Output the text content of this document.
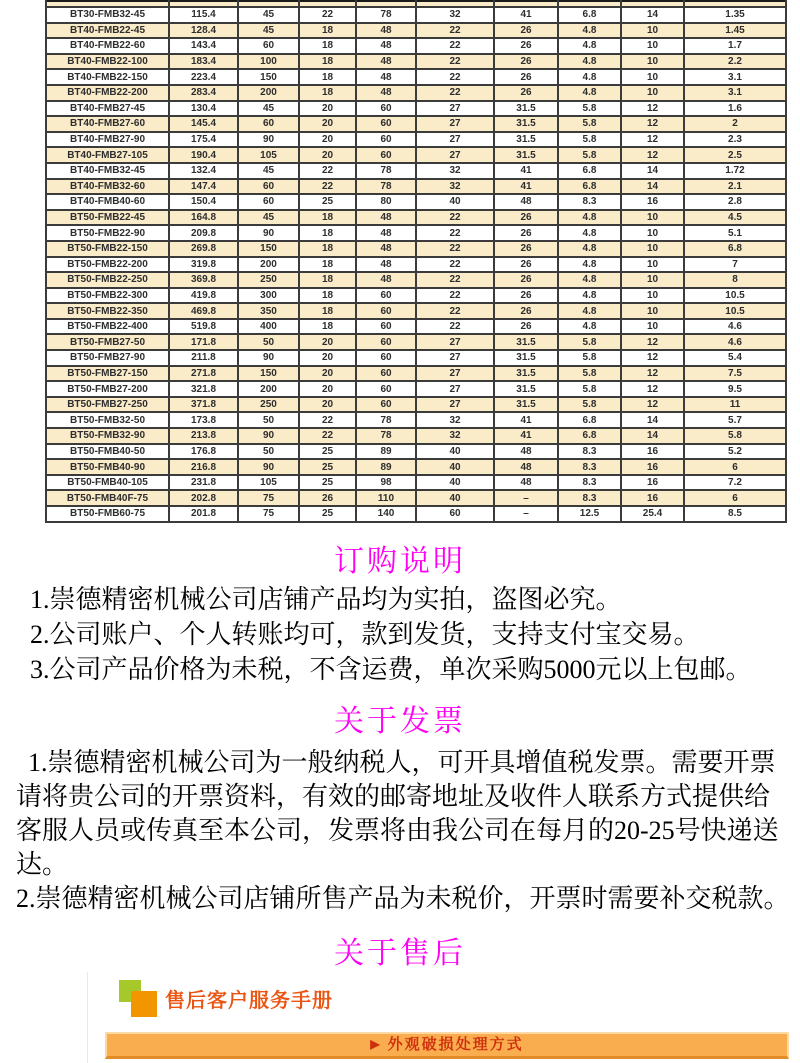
BT30-FMB32-45	115.4	45	22	78	32	41	6.8	14	1.35
BT40-FMB22-45	128.4	45	18	48	22	26	4.8	10	1.45
BT40-FMB22-60	143.4	60	18	48	22	26	4.8	10	1.7
BT40-FMB22-100	183.4	100	18	48	22	26	4.8	10	2.2
BT40-FMB22-150	223.4	150	18	48	22	26	4.8	10	3.1
BT40-FMB22-200	283.4	200	18	48	22	26	4.8	10	3.1
BT40-FMB27-45	130.4	45	20	60	27	31.5	5.8	12	1.6
BT40-FMB27-60	145.4	60	20	60	27	31.5	5.8	12	2
BT40-FMB27-90	175.4	90	20	60	27	31.5	5.8	12	2.3
BT40-FMB27-105	190.4	105	20	60	27	31.5	5.8	12	2.5
BT40-FMB32-45	132.4	45	22	78	32	41	6.8	14	1.72
BT40-FMB32-60	147.4	60	22	78	32	41	6.8	14	2.1
BT40-FMB40-60	150.4	60	25	80	40	48	8.3	16	2.8
BT50-FMB22-45	164.8	45	18	48	22	26	4.8	10	4.5
BT50-FMB22-90	209.8	90	18	48	22	26	4.8	10	5.1
BT50-FMB22-150	269.8	150	18	48	22	26	4.8	10	6.8
BT50-FMB22-200	319.8	200	18	48	22	26	4.8	10	7
BT50-FMB22-250	369.8	250	18	48	22	26	4.8	10	8
BT50-FMB22-300	419.8	300	18	60	22	26	4.8	10	10.5
BT50-FMB22-350	469.8	350	18	60	22	26	4.8	10	10.5
BT50-FMB22-400	519.8	400	18	60	22	26	4.8	10	4.6
BT50-FMB27-50	171.8	50	20	60	27	31.5	5.8	12	4.6
BT50-FMB27-90	211.8	90	20	60	27	31.5	5.8	12	5.4
BT50-FMB27-150	271.8	150	20	60	27	31.5	5.8	12	7.5
BT50-FMB27-200	321.8	200	20	60	27	31.5	5.8	12	9.5
BT50-FMB27-250	371.8	250	20	60	27	31.5	5.8	12	11
BT50-FMB32-50	173.8	50	22	78	32	41	6.8	14	5.7
BT50-FMB32-90	213.8	90	22	78	32	41	6.8	14	5.8
BT50-FMB40-50	176.8	50	25	89	40	48	8.3	16	5.2
BT50-FMB40-90	216.8	90	25	89	40	48	8.3	16	6
BT50-FMB40-105	231.8	105	25	98	40	48	8.3	16	7.2
BT50-FMB40F-75	202.8	75	26	110	40	–	8.3	16	6
BT50-FMB60-75	201.8	75	25	140	60	–	12.5	25.4	8.5
订购说明
1.崇德精密机械公司店铺产品均为实拍，盗图必究。
2.公司账户、个人转账均可，款到发货，支持支付宝交易。
3.公司产品价格为未税，不含运费，单次采购5000元以上包邮。
关于发票
1.崇德精密机械公司为一般纳税人，可开具增值税发票。需要开票
请将贵公司的开票资料，有效的邮寄地址及收件人联系方式提供给
客服人员或传真至本公司，发票将由我公司在每月的20-25号快递送
达。
2.崇德精密机械公司店铺所售产品为未税价，开票时需要补交税款。
关于售后
售后客户服务手册
▶ 外观破损处理方式
